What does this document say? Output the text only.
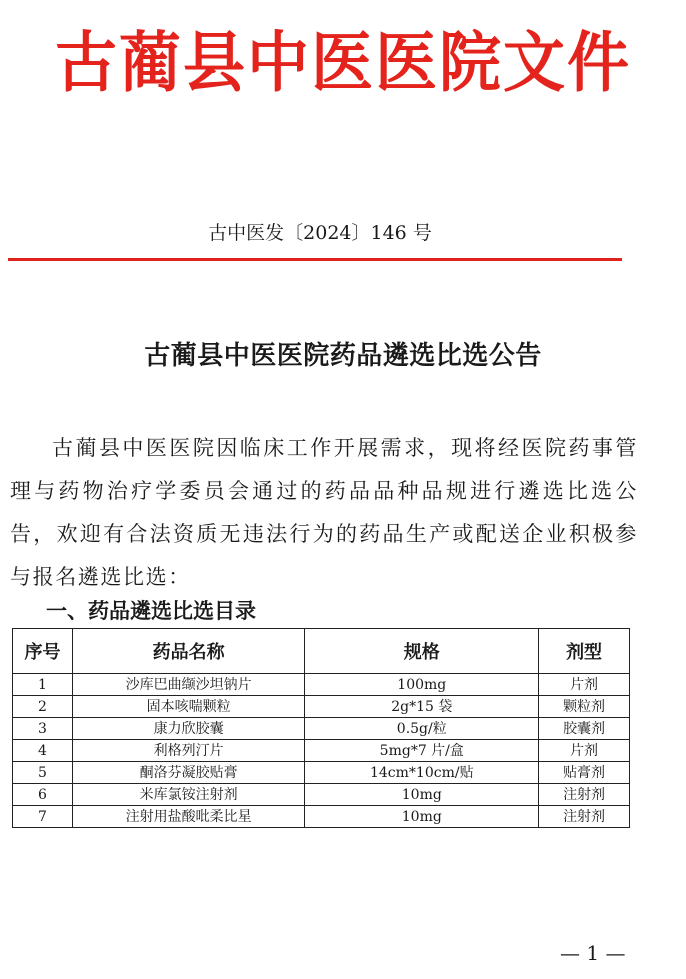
古蔺县中医医院文件
古中医发〔2024〕146 号
古蔺县中医医院药品遴选比选公告
古蔺县中医医院因临床工作开展需求，现将经医院药事管理与药物治疗学委员会通过的药品品种品规进行遴选比选公告，欢迎有合法资质无违法行为的药品生产或配送企业积极参与报名遴选比选：
一、药品遴选比选目录
序号	药品名称	规格	剂型
1	沙库巴曲缬沙坦钠片	100mg	片剂
2	固本咳喘颗粒	2g*15 袋	颗粒剂
3	康力欣胶囊	0.5g/粒	胶囊剂
4	利格列汀片	5mg*7 片/盒	片剂
5	酮洛芬凝胶贴膏	14cm*10cm/贴	贴膏剂
6	米库氯铵注射剂	10mg	注射剂
7	注射用盐酸吡柔比星	10mg	注射剂
— 1 —
